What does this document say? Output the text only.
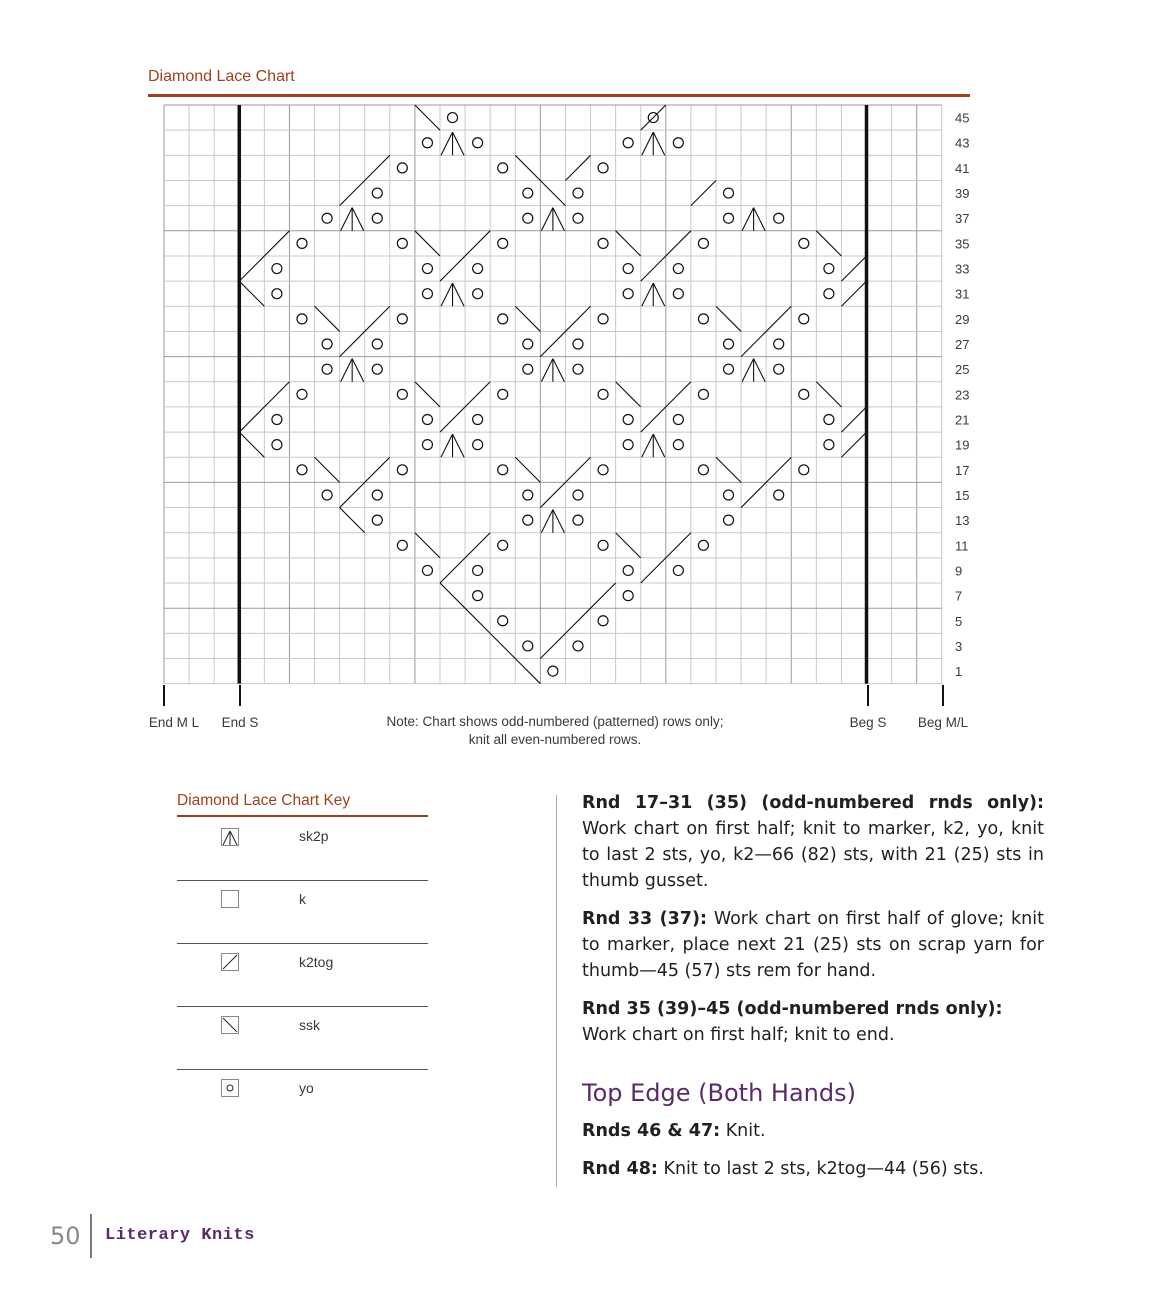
Diamond Lace Chart
45
43
41
39
37
35
33
31
29
27
25
23
21
19
17
15
13
11
9
7
5
3
1
End M L End S	Beg S Beg M/L
Note: Chart shows odd-numbered (patterned) rows only;
knit all even-numbered rows.
Diamond Lace Chart Key
sk2p
k
k2tog
ssk
yo

Rnd 17–31 (35) (odd-numbered rnds only): Work chart on first half; knit to marker, k2, yo, knit to last 2 sts, yo, k2—66 (82) sts, with 21 (25) sts in thumb gusset.

Rnd 33 (37): Work chart on first half of glove; knit to marker, place next 21 (25) sts on scrap yarn for thumb—45 (57) sts rem for hand.

Rnd 35 (39)–45 (odd-numbered rnds only): Work chart on first half; knit to end.

Top Edge (Both Hands)

Rnds 46 & 47: Knit.

Rnd 48: Knit to last 2 sts, k2tog—44 (56) sts.

50 Literary Knits
